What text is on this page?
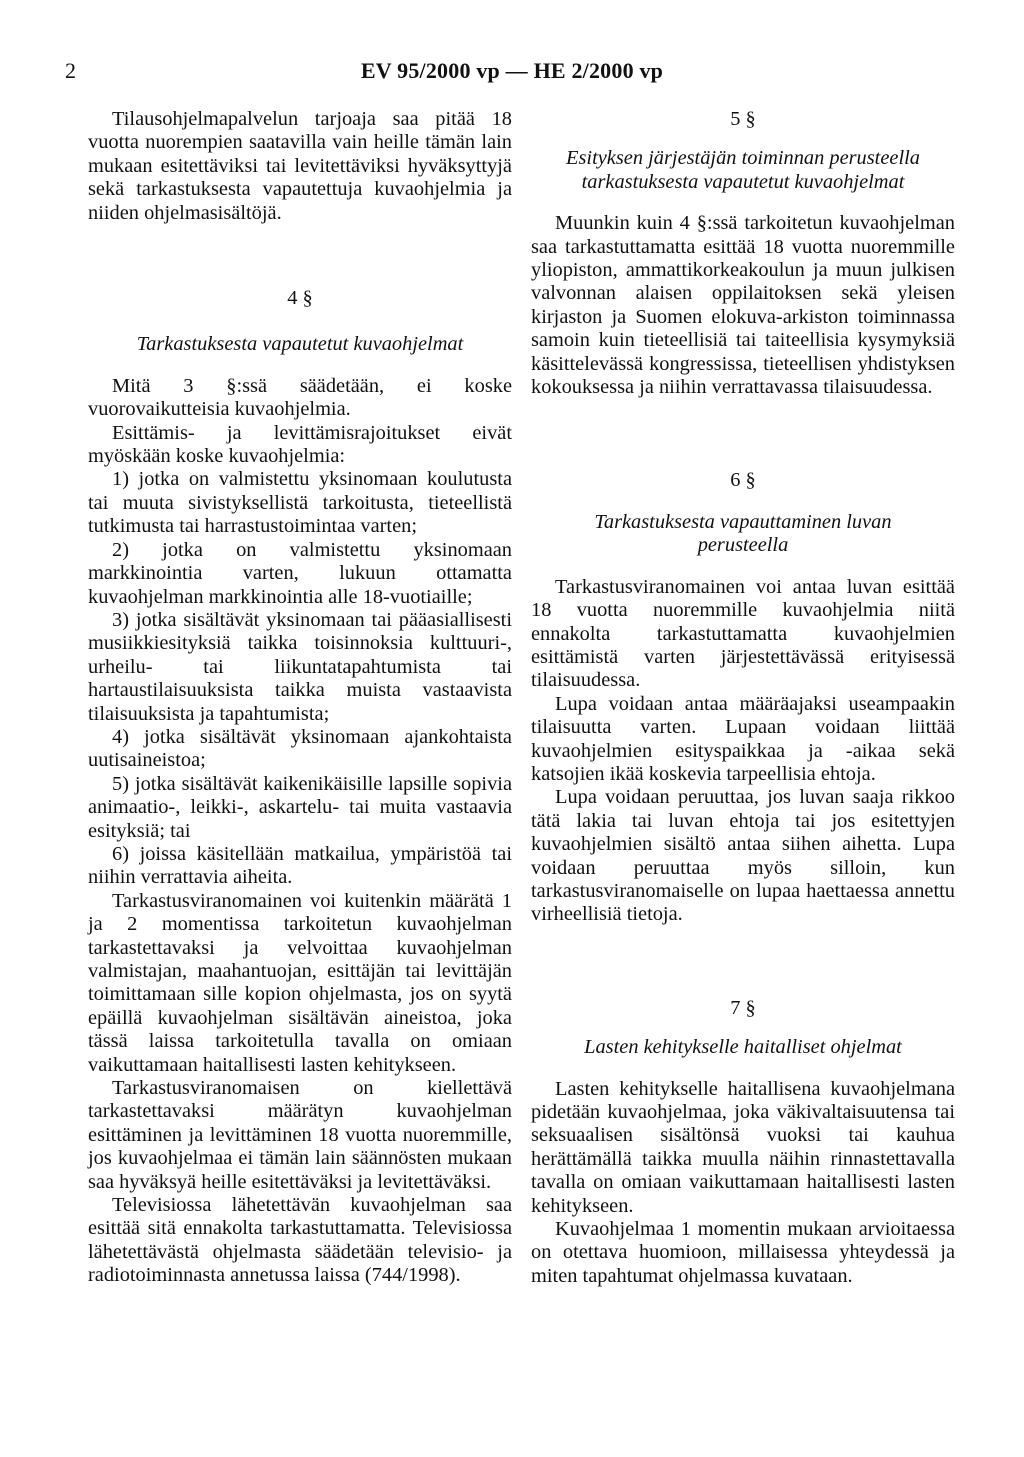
2	EV 95/2000 vp — HE 2/2000 vp

Tilausohjelmapalvelun tarjoaja saa pitää 18 vuotta nuorempien saatavilla vain heille tämän lain mukaan esitettäviksi tai levitettäviksi hyväksyttyjä sekä tarkastuksesta vapautettuja kuvaohjelmia ja niiden ohjelmasisältöjä.

4 §

Tarkastuksesta vapautetut kuvaohjelmat

Mitä 3 §:ssä säädetään, ei koske vuorovaikutteisia kuvaohjelmia.

Esittämis- ja levittämisrajoitukset eivät myöskään koske kuvaohjelmia:

1) jotka on valmistettu yksinomaan koulutusta tai muuta sivistyksellistä tarkoitusta, tieteellistä tutkimusta tai harrastustoimintaa varten;

2) jotka on valmistettu yksinomaan markkinointia varten, lukuun ottamatta kuvaohjelman markkinointia alle 18-vuotiaille;

3) jotka sisältävät yksinomaan tai pääasiallisesti musiikkiesityksiä taikka toisinnoksia kulttuuri-, urheilu- tai liikuntatapahtumista tai hartaustilaisuuksista taikka muista vastaavista tilaisuuksista ja tapahtumista;

4) jotka sisältävät yksinomaan ajankohtaista uutisaineistoa;

5) jotka sisältävät kaikenikäisille lapsille sopivia animaatio-, leikki-, askartelu- tai muita vastaavia esityksiä; tai

6) joissa käsitellään matkailua, ympäristöä tai niihin verrattavia aiheita.

Tarkastusviranomainen voi kuitenkin määrätä 1 ja 2 momentissa tarkoitetun kuvaohjelman tarkastettavaksi ja velvoittaa kuvaohjelman valmistajan, maahantuojan, esittäjän tai levittäjän toimittamaan sille kopion ohjelmasta, jos on syytä epäillä kuvaohjelman sisältävän aineistoa, joka tässä laissa tarkoitetulla tavalla on omiaan vaikuttamaan haitallisesti lasten kehitykseen.

Tarkastusviranomaisen on kiellettävä tarkastettavaksi määrätyn kuvaohjelman esittäminen ja levittäminen 18 vuotta nuoremmille, jos kuvaohjelmaa ei tämän lain säännösten mukaan saa hyväksyä heille esitettäväksi ja levitettäväksi.

Televisiossa lähetettävän kuvaohjelman saa esittää sitä ennakolta tarkastuttamatta. Televisiossa lähetettävästä ohjelmasta säädetään televisio- ja radiotoiminnasta annetussa laissa (744/1998).

5 §

Esityksen järjestäjän toiminnan perusteella tarkastuksesta vapautetut kuvaohjelmat

Muunkin kuin 4 §:ssä tarkoitetun kuvaohjelman saa tarkastuttamatta esittää 18 vuotta nuoremmille yliopiston, ammattikorkeakoulun ja muun julkisen valvonnan alaisen oppilaitoksen sekä yleisen kirjaston ja Suomen elokuva-arkiston toiminnassa samoin kuin tieteellisiä tai taiteellisia kysymyksiä käsittelevässä kongressissa, tieteellisen yhdistyksen kokouksessa ja niihin verrattavassa tilaisuudessa.

6 §

Tarkastuksesta vapauttaminen luvan perusteella

Tarkastusviranomainen voi antaa luvan esittää 18 vuotta nuoremmille kuvaohjelmia niitä ennakolta tarkastuttamatta kuvaohjelmien esittämistä varten järjestettävässä erityisessä tilaisuudessa.

Lupa voidaan antaa määräajaksi useampaakin tilaisuutta varten. Lupaan voidaan liittää kuvaohjelmien esityspaikkaa ja -aikaa sekä katsojien ikää koskevia tarpeellisia ehtoja.

Lupa voidaan peruuttaa, jos luvan saaja rikkoo tätä lakia tai luvan ehtoja tai jos esitettyjen kuvaohjelmien sisältö antaa siihen aihetta. Lupa voidaan peruuttaa myös silloin, kun tarkastusviranomaiselle on lupaa haettaessa annettu virheellisiä tietoja.

7 §

Lasten kehitykselle haitalliset ohjelmat

Lasten kehitykselle haitallisena kuvaohjelmana pidetään kuvaohjelmaa, joka väkivaltaisuutensa tai seksuaalisen sisältönsä vuoksi tai kauhua herättämällä taikka muulla näihin rinnastettavalla tavalla on omiaan vaikuttamaan haitallisesti lasten kehitykseen.

Kuvaohjelmaa 1 momentin mukaan arvioitaessa on otettava huomioon, millaisessa yhteydessä ja miten tapahtumat ohjelmassa kuvataan.
